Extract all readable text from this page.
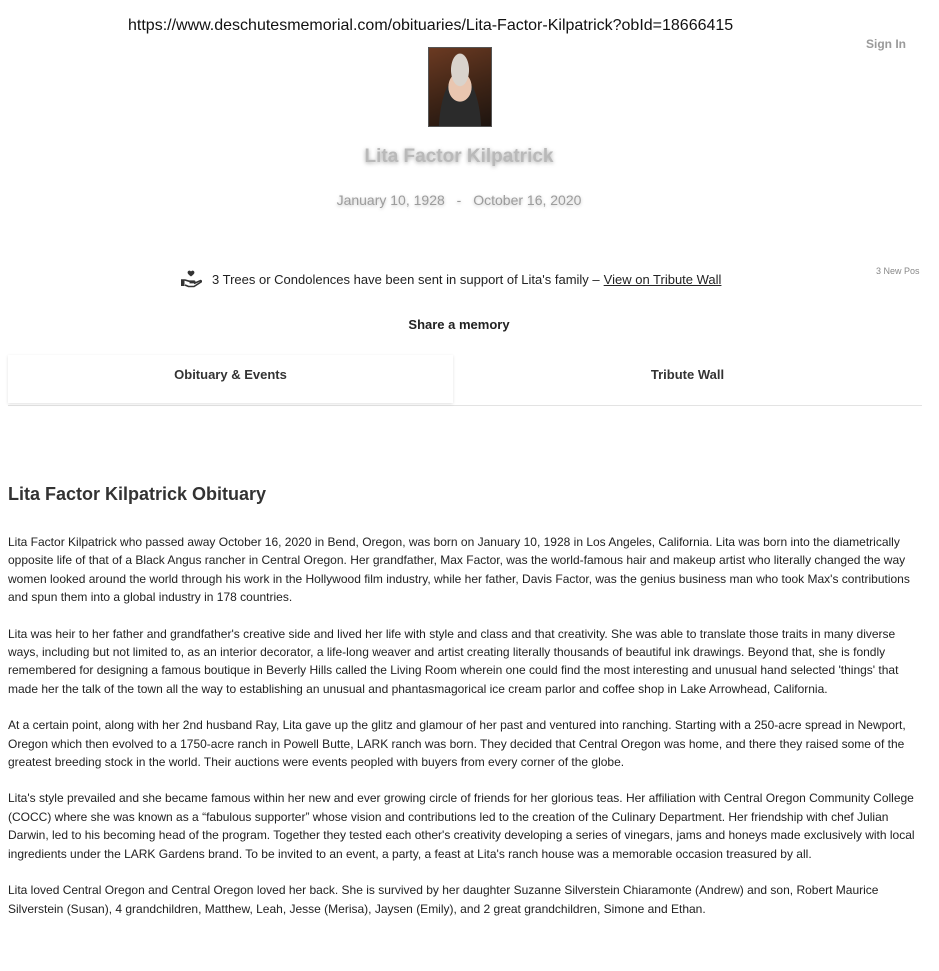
https://www.deschutesmemorial.com/obituaries/Lita-Factor-Kilpatrick?obId=18666415
Sign In
Lita Factor Kilpatrick
January 10, 1928 - October 16, 2020
3 New Pos
3 Trees or Condolences have been sent in support of Lita's family – View on Tribute Wall
Share a memory
Obituary & Events	Tribute Wall
Lita Factor Kilpatrick Obituary

Lita Factor Kilpatrick who passed away October 16, 2020 in Bend, Oregon, was born on January 10, 1928 in Los Angeles, California. Lita was born into the diametrically opposite life of that of a Black Angus rancher in Central Oregon. Her grandfather, Max Factor, was the world-famous hair and makeup artist who literally changed the way women looked around the world through his work in the Hollywood film industry, while her father, Davis Factor, was the genius business man who took Max's contributions and spun them into a global industry in 178 countries.

Lita was heir to her father and grandfather's creative side and lived her life with style and class and that creativity. She was able to translate those traits in many diverse ways, including but not limited to, as an interior decorator, a life-long weaver and artist creating literally thousands of beautiful ink drawings. Beyond that, she is fondly remembered for designing a famous boutique in Beverly Hills called the Living Room wherein one could find the most interesting and unusual hand selected 'things' that made her the talk of the town all the way to establishing an unusual and phantasmagorical ice cream parlor and coffee shop in Lake Arrowhead, California.

At a certain point, along with her 2nd husband Ray, Lita gave up the glitz and glamour of her past and ventured into ranching. Starting with a 250-acre spread in Newport, Oregon which then evolved to a 1750-acre ranch in Powell Butte, LARK ranch was born. They decided that Central Oregon was home, and there they raised some of the greatest breeding stock in the world. Their auctions were events peopled with buyers from every corner of the globe.

Lita's style prevailed and she became famous within her new and ever growing circle of friends for her glorious teas. Her affiliation with Central Oregon Community College (COCC) where she was known as a “fabulous supporter” whose vision and contributions led to the creation of the Culinary Department. Her friendship with chef Julian Darwin, led to his becoming head of the program. Together they tested each other's creativity developing a series of vinegars, jams and honeys made exclusively with local ingredients under the LARK Gardens brand. To be invited to an event, a party, a feast at Lita's ranch house was a memorable occasion treasured by all.

Lita loved Central Oregon and Central Oregon loved her back. She is survived by her daughter Suzanne Silverstein Chiaramonte (Andrew) and son, Robert Maurice Silverstein (Susan), 4 grandchildren, Matthew, Leah, Jesse (Merisa), Jaysen (Emily), and 2 great grandchildren, Simone and Ethan.
